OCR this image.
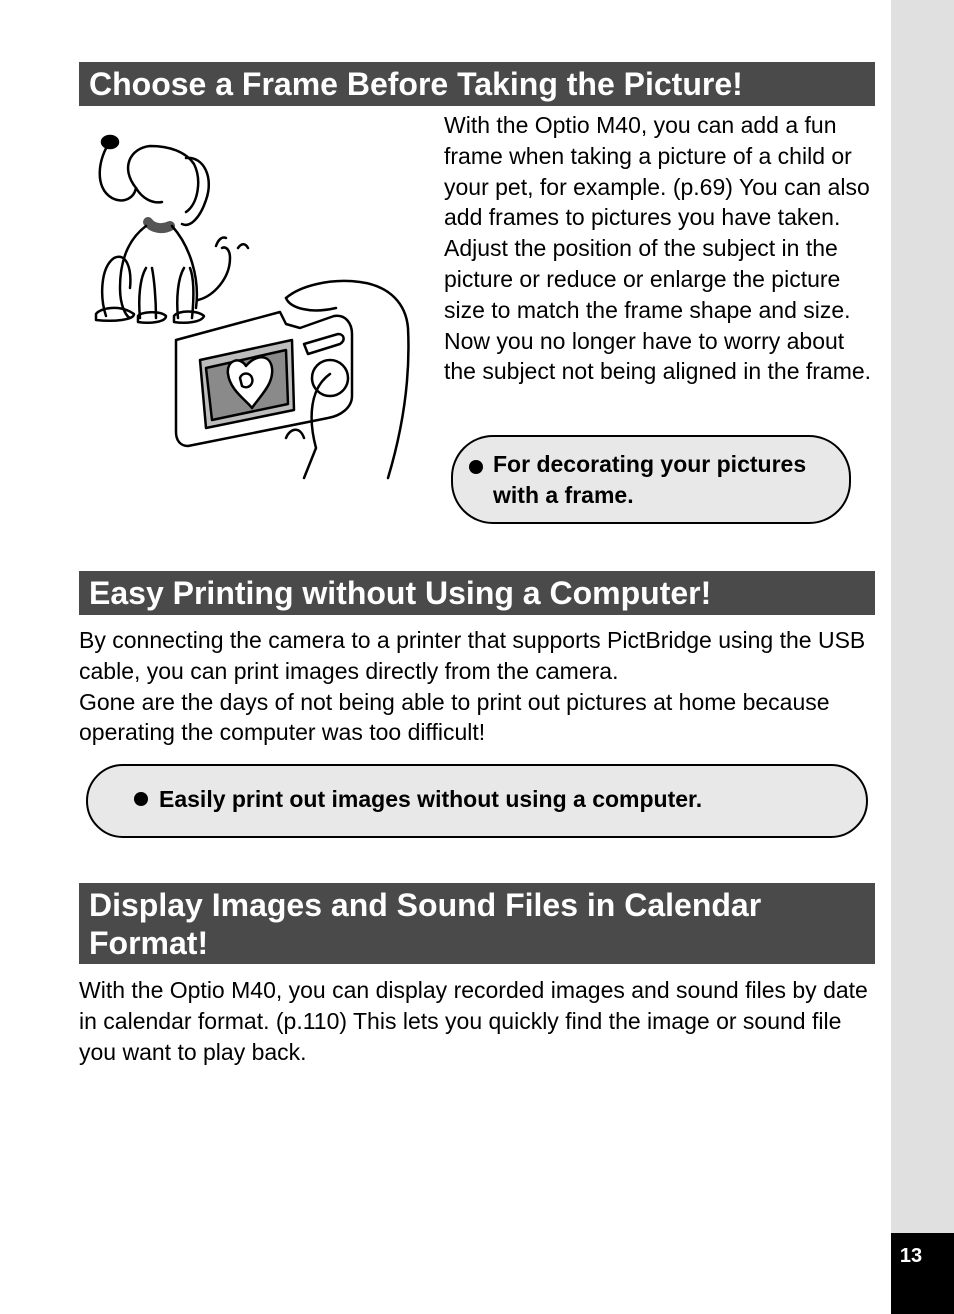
13
Choose a Frame Before Taking the Picture!
With the Optio M40, you can add a fun frame when taking a picture of a child or your pet, for example. (p.69) You can also add frames to pictures you have taken. Adjust the position of the subject in the picture or reduce or enlarge the picture size to match the frame shape and size. Now you no longer have to worry about the subject not being aligned in the frame.
For decorating your pictures with a frame.
Easy Printing without Using a Computer!
By connecting the camera to a printer that supports PictBridge using the USB cable, you can print images directly from the camera.
Gone are the days of not being able to print out pictures at home because operating the computer was too difficult!
Easily print out images without using a computer.
Display Images and Sound Files in Calendar Format!
With the Optio M40, you can display recorded images and sound files by date in calendar format. (p.110) This lets you quickly find the image or sound file you want to play back.
